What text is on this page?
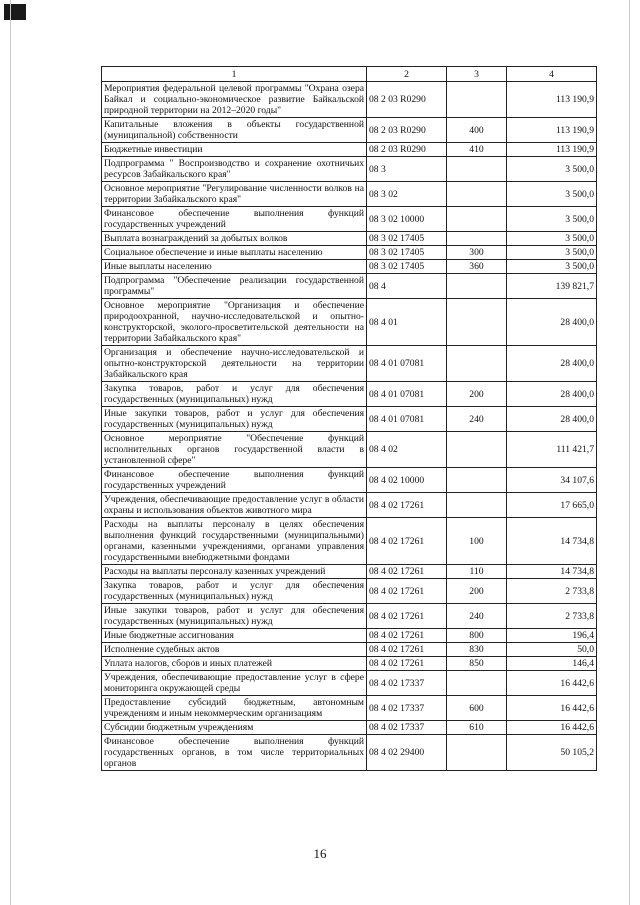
1	2	3	4
Мероприятия федеральной целевой программы "Охрана озера Байкал и социально-экономическое развитие Байкальской природной территории на 2012–2020 годы"	08 2 03 R0290		113 190,9
Капитальные вложения в объекты государственной (муниципальной) собственности	08 2 03 R0290	400	113 190,9
Бюджетные инвестиции	08 2 03 R0290	410	113 190,9
Подпрограмма " Воспроизводство и сохранение охотничьих ресурсов Забайкальского края"	08 3		3 500,0
Основное мероприятие "Регулирование численности волков на территории Забайкальского края"	08 3 02		3 500,0
Финансовое обеспечение выполнения функций государственных учреждений	08 3 02 10000		3 500,0
Выплата вознаграждений за добытых волков	08 3 02 17405		3 500,0
Социальное обеспечение и иные выплаты населению	08 3 02 17405	300	3 500,0
Иные выплаты населению	08 3 02 17405	360	3 500,0
Подпрограмма "Обеспечение реализации государственной программы"	08 4		139 821,7
Основное мероприятие "Организация и обеспечение природоохранной, научно-исследовательской и опытно-конструкторской, эколого-просветительской деятельности на территории Забайкальского края"	08 4 01		28 400,0
Организация и обеспечение научно-исследовательской и опытно-конструкторской деятельности на территории Забайкальского края	08 4 01 07081		28 400,0
Закупка товаров, работ и услуг для обеспечения государственных (муниципальных) нужд	08 4 01 07081	200	28 400,0
Иные закупки товаров, работ и услуг для обеспечения государственных (муниципальных) нужд	08 4 01 07081	240	28 400,0
Основное мероприятие "Обеспечение функций исполнительных органов государственной власти в установленной сфере"	08 4 02		111 421,7
Финансовое обеспечение выполнения функций государственных учреждений	08 4 02 10000		34 107,6
Учреждения, обеспечивающие предоставление услуг в области охраны и использования объектов животного мира	08 4 02 17261		17 665,0
Расходы на выплаты персоналу в целях обеспечения выполнения функций государственными (муниципальными) органами, казенными учреждениями, органами управления государственными внебюджетными фондами	08 4 02 17261	100	14 734,8
Расходы на выплаты персоналу казенных учреждений	08 4 02 17261	110	14 734,8
Закупка товаров, работ и услуг для обеспечения государственных (муниципальных) нужд	08 4 02 17261	200	2 733,8
Иные закупки товаров, работ и услуг для обеспечения государственных (муниципальных) нужд	08 4 02 17261	240	2 733,8
Иные бюджетные ассигнования	08 4 02 17261	800	196,4
Исполнение судебных актов	08 4 02 17261	830	50,0
Уплата налогов, сборов и иных платежей	08 4 02 17261	850	146,4
Учреждения, обеспечивающие предоставление услуг в сфере мониторинга окружающей среды	08 4 02 17337		16 442,6
Предоставление субсидий бюджетным, автономным учреждениям и иным некоммерческим организациям	08 4 02 17337	600	16 442,6
Субсидии бюджетным учреждениям	08 4 02 17337	610	16 442,6
Финансовое обеспечение выполнения функций государственных органов, в том числе территориальных органов	08 4 02 29400		50 105,2
16
